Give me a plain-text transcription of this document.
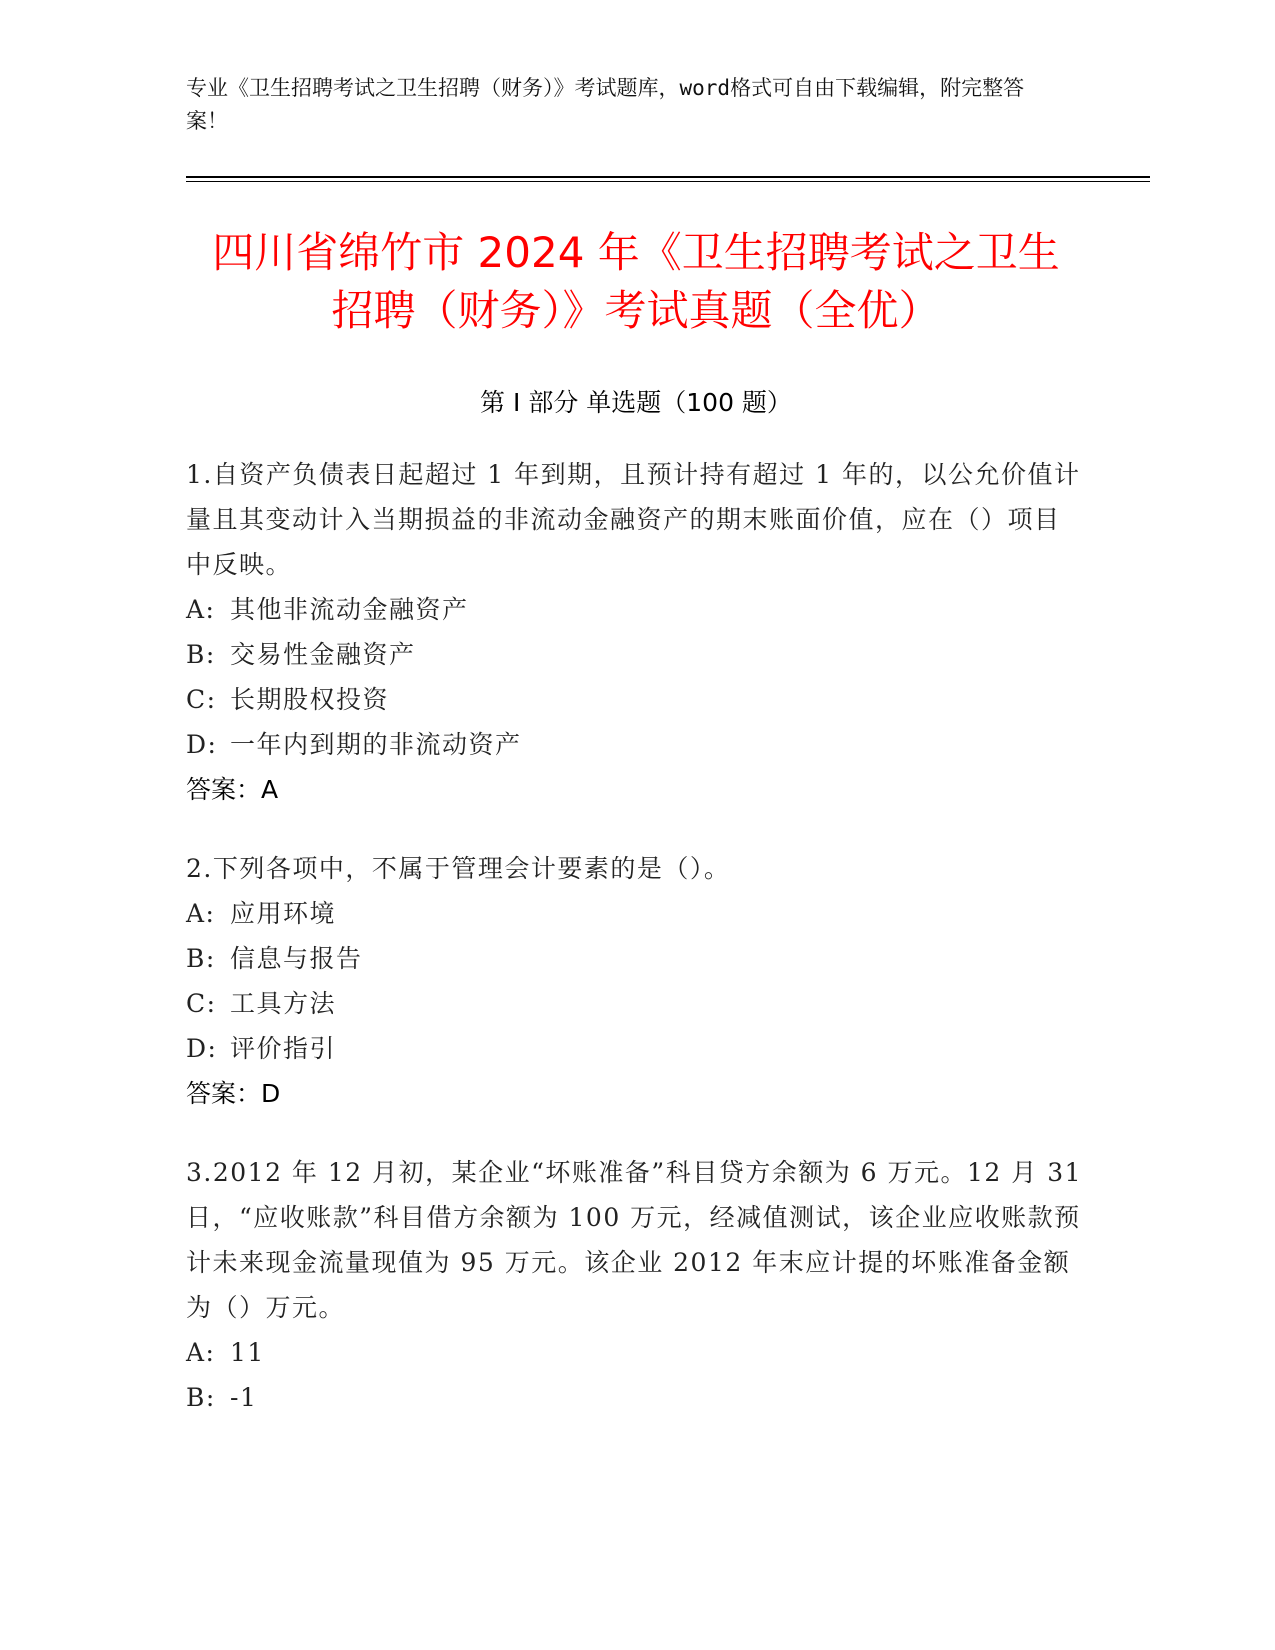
专业《卫生招聘考试之卫生招聘（财务）》考试题库，word格式可自由下载编辑，附完整答案！
四川省绵竹市 2024 年《卫生招聘考试之卫生
招聘（财务）》考试真题（全优）
第 I 部分 单选题（100 题）
1.自资产负债表日起超过 1 年到期，且预计持有超过 1 年的，以公允价值计量且其变动计入当期损益的非流动金融资产的期末账面价值，应在（）项目中反映。
A: 其他非流动金融资产
B: 交易性金融资产
C: 长期股权投资
D: 一年内到期的非流动资产
答案：A
2.下列各项中，不属于管理会计要素的是（）。
A: 应用环境
B: 信息与报告
C: 工具方法
D: 评价指引
答案：D
3.2012 年 12 月初，某企业“坏账准备”科目贷方余额为 6 万元。12 月 31 日，“应收账款”科目借方余额为 100 万元，经减值测试，该企业应收账款预计未来现金流量现值为 95 万元。该企业 2012 年末应计提的坏账准备金额为（）万元。
A: 11
B: -1
